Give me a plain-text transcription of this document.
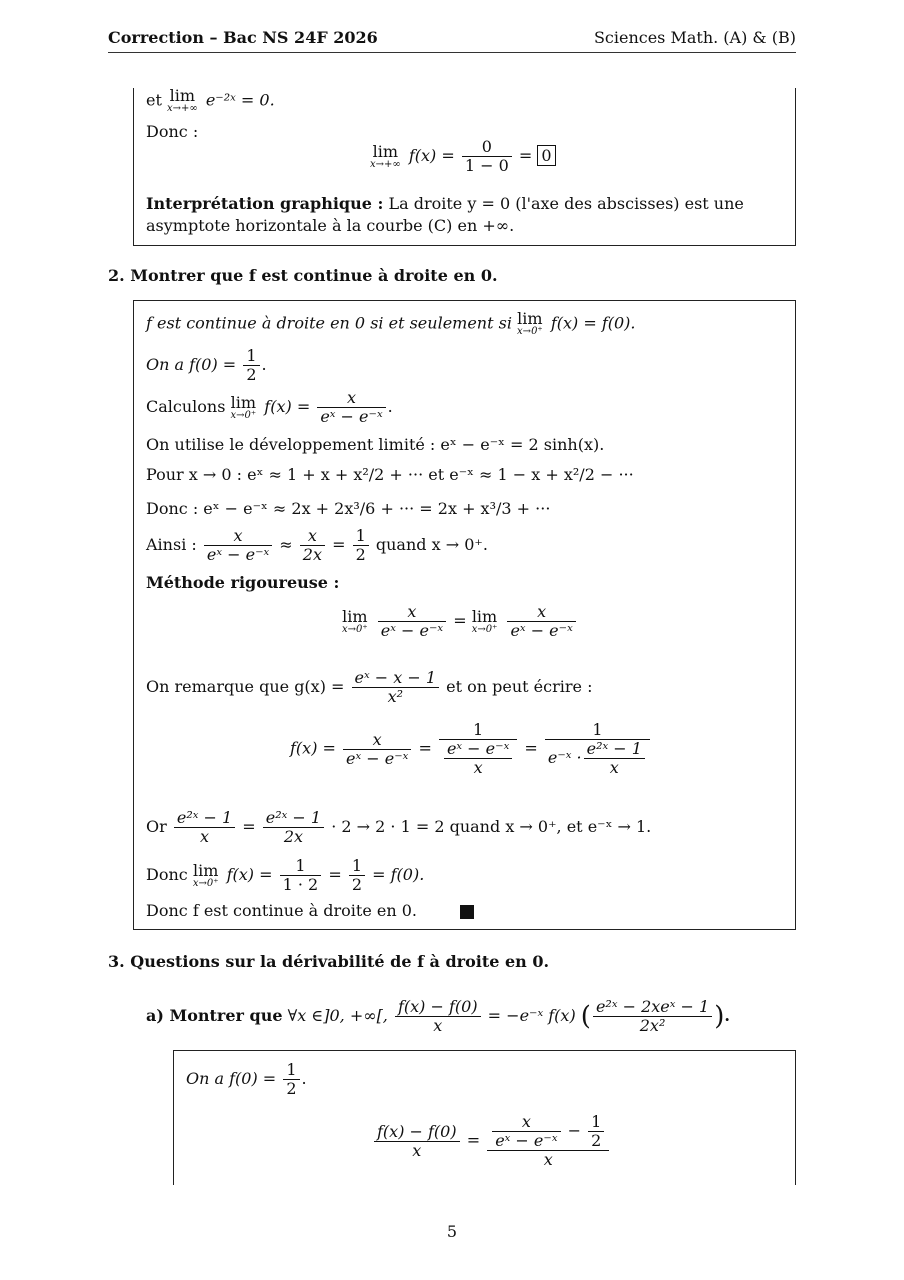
Correction – Bac NS 24F 2026	Sciences Math. (A) & (B)
et lim
x→+∞ e⁻²ˣ = 0.
Donc :
lim
x→+∞ $f(x) = \frac{0}{1 - 0} = 0$
Interprétation graphique : La droite y = 0 (l'axe des abscisses) est une
asymptote horizontale à la courbe (C) en +∞.
2. Montrer que f est continue à droite en 0.
f est continue à droite en 0 si et seulement si lim
x→0⁺ f(x) = f(0).
On a $f(0) = \frac{1}{2}$ .
Calculons lim
x→0⁺ $f(x) = \frac{x}{\text{eˣ − e⁻ˣ}}$ .
On utilise le développement limité : eˣ − e⁻ˣ = 2 sinh(x).
Pour x → 0 : eˣ ≈ 1 + x + x²/2 + ··· et e⁻ˣ ≈ 1 − x + x²/2 − ···
Donc : eˣ − e⁻ˣ ≈ 2x + 2x³/6 + ··· = 2x + x³/3 + ···
Ainsi : $\frac{x}{\text{eˣ − e⁻ˣ}} \approx \frac{x}{2x} = \frac{1}{2}$ quand x → 0⁺.
Méthode rigoureuse :
lim
x→0⁺
$\frac{x}{\text{eˣ − e⁻ˣ}} = \lim$
x→0⁺
$\frac{x}{\text{eˣ − e⁻ˣ}}$
On remarque que $g(x) = \frac{\text{eˣ − x − 1}}{\text{x²}}$ et on peut écrire :
$f(x) = \frac{x}{\text{eˣ − e⁻ˣ}} = \frac{1}{\frac{\text{eˣ − e⁻ˣ}}{x}} = \frac{1}{e^-ˣ \cdot \frac{\text{e²ˣ − 1}}{x}}$
Or $\frac{\text{e²ˣ − 1}}{x} = \frac{\text{e²ˣ − 1}}{2x} \cdot 2 \to 2 \cdot 1 = 2$ quand x → 0⁺, et e⁻ˣ → 1.
Donc lim
x→0⁺ $f(x) = \frac{1}{1 \cdot 2} = \frac{1}{2} = f(0)$.
Donc f est continue à droite en 0.
3. Questions sur la dérivabilité de f à droite en 0.
a) Montrer que ∀x ∈]0, +∞[, $\frac{f(x) - f(0)}{x}$ = −e⁻ˣ f(x) ( $\frac{\text{e²ˣ − 2xeˣ − 1}}{\text{2x²}}$ ).
On a $f(0) = \frac{1}{2}$ .
$\frac{f(x) - f(0)}{x} = \frac{\frac{x}{\text{eˣ − e⁻ˣ}} - \frac{1}{2}}{x}$
5
